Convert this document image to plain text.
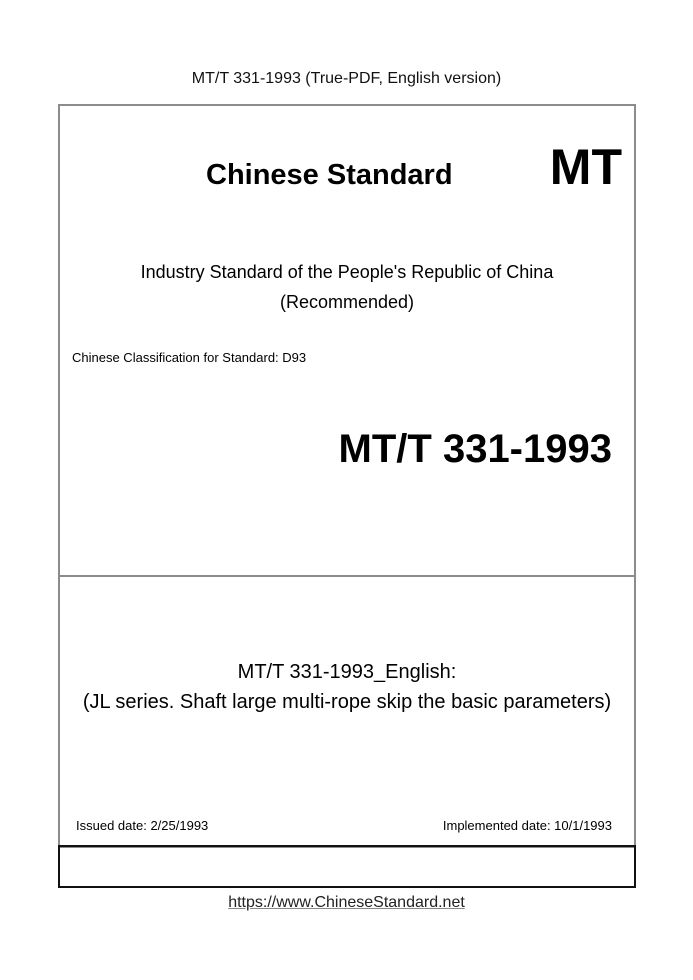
MT/T 331-1993 (True-PDF, English version)
Chinese Standard MT
Industry Standard of the People's Republic of China
(Recommended)
Chinese Classification for Standard: D93
MT/T 331-1993
MT/T 331-1993_English:
(JL series. Shaft large multi-rope skip the basic parameters)
Issued date: 2/25/1993	Implemented date: 10/1/1993
https://www.ChineseStandard.net
